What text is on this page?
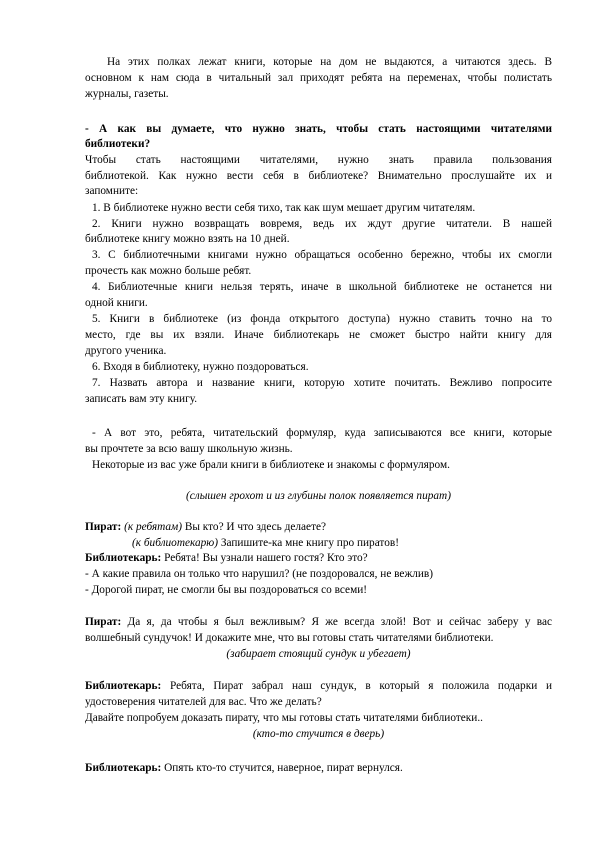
На этих полках лежат книги, которые на дом не выдаются, а читаются здесь. В
основном к нам сюда в читальный зал приходят ребята на переменах, чтобы полистать
журналы, газеты.
- А как вы думаете, что нужно знать, чтобы стать настоящими читателями
библиотеки?
Чтобы стать настоящими читателями, нужно знать правила пользования
библиотекой. Как нужно вести себя в библиотеке? Внимательно прослушайте их и
запомните:
1. В библиотеке нужно вести себя тихо, так как шум мешает другим читателям.
2. Книги нужно возвращать вовремя, ведь их ждут другие читатели. В нашей
библиотеке книгу можно взять на 10 дней.
3. С библиотечными книгами нужно обращаться особенно бережно, чтобы их смогли
прочесть как можно больше ребят.
4. Библиотечные книги нельзя терять, иначе в школьной библиотеке не останется ни
одной книги.
5. Книги в библиотеке (из фонда открытого доступа) нужно ставить точно на то
место, где вы их взяли. Иначе библиотекарь не сможет быстро найти книгу для
другого ученика.
6. Входя в библиотеку, нужно поздороваться.
7. Назвать автора и название книги, которую хотите почитать. Вежливо попросите
записать вам эту книгу.
- А вот это, ребята, читательский формуляр, куда записываются все книги, которые
вы прочтете за всю вашу школьную жизнь.
Некоторые из вас уже брали книги в библиотеке и знакомы с формуляром.
(слышен грохот и из глубины полок появляется пират)
Пират: (к ребятам) Вы кто? И что здесь делаете?
(к библиотекарю) Запишите-ка мне книгу про пиратов!
Библиотекарь: Ребята! Вы узнали нашего гостя? Кто это?
- А какие правила он только что нарушил? (не поздоровался, не вежлив)
- Дорогой пират, не смогли бы вы поздороваться со всеми!
Пират: Да я, да чтобы я был вежливым? Я же всегда злой! Вот и сейчас заберу у вас
волшебный сундучок! И докажите мне, что вы готовы стать читателями библиотеки.
(забирает стоящий сундук и убегает)
Библиотекарь: Ребята, Пират забрал наш сундук, в который я положила подарки и
удостоверения читателей для вас. Что же делать?
Давайте попробуем доказать пирату, что мы готовы стать читателями библиотеки..
(кто-то стучится в дверь)
Библиотекарь: Опять кто-то стучится, наверное, пират вернулся.
